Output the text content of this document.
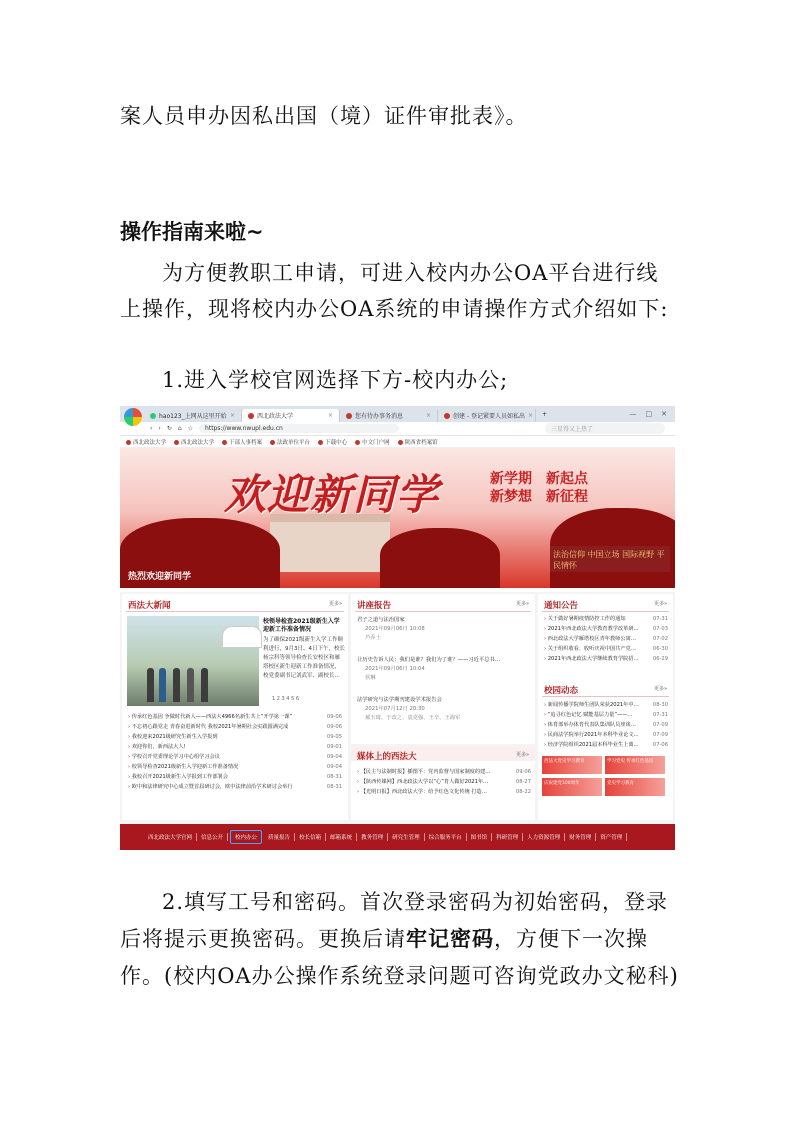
案人员申办因私出国（境）证件审批表》。
操作指南来啦~
为方便教职工申请，可进入校内办公OA平台进行线上操作，现将校内办公OA系统的申请操作方式介绍如下:
1.进入学校官网选择下方-校内办公;
hao123_上网从这里开始 ×	西北政法大学	×	您有待办事务消息	×	创建 - 登记紧要人员如私出 ×	+	— □ ✕
‹ › ↻ ⌂ ☆	https://www.nwupl.edu.cn	三星得又上热了
西北政法大学	西北政法大学	干部人事档案	法政单位平台	下载中心	中文门户网	陕西省档案馆
欢迎新同学	新学期 新起点
新梦想 新征程
法治信仰 中国立场 国际视野 平民情怀
热烈欢迎新同学
西法大新闻	更多»
校领导检查2021级新生入学迎新工作准备情况
为了确保2021级新生入学工作顺利进行，9月3日、4日下午，校长杨宗科等领导检查长安校区和雁塔校区新生迎新工作准备情况，校党委副书记刘武军、副校长…
1 2 3 4 5 6
› 传承红色基因 争做时代新人——西法大4966名新生共上“开学第一课”	09-06
› 不忘初心跟党走 青春奋进新时代 我校2021年暑期社会实践圆满完成	09-06
› 我校迎来2021级研究生新生入学报到	09-05
› 欢迎你们，新西法大人!	09-01
› 学校召开党委理论学习中心组学习会议	09-04
› 校领导检查2021级新生入学迎新工作准备情况	09-04
› 我校召开2021级新生入学报到工作部署会	08-31
› 欧中和法律研究中心成立暨首届研讨会，欧中法律前沿学术研讨会举行	08-31
讲座报告	更多»
君子之道与法治国家
2021年09月06日 10:08
芦乔士
让历史告诉人民：我们是谁？我们为了谁？——习近平总书…
2021年09月06日 10:04
侯琳
法学研究与法学期刊建设学术报告会
2021年07月12日 20:30
郝玉琦、于改之、袁克强、王辛、王海军
媒体上的西法大	更多»
› 【民主与法制时报】插图平：党内监督与国家制度的建…	09-06
› 【陕西传媒网】西北政法大学以“心”育人做好2021年…	08-27
› 【光明日报】西北政法大学：给予红色文化传统 打造…	08-22
通知公告	更多»
› 关于做好暑期疫情防控工作的通知	07-31
› 2021年西北政法大学教育教学改革研…	07-03
› 西北政法大学雁塔校区青年教师公寓…	07-02
› 关于组织收看、收听庆祝中国共产党…	06-30
› 2021年西北政法大学继续教育学院招…	06-29
校园动态	更多»
› 新闻传播学院师生团队荣获2021年中…	08-30
› “追寻红色记忆 赋能基层力量”——…	07-31
› 体育部举办体育代表队集训队员座谈…	07-09
› 民商法学院举行2021年本科毕业论文…	07-09
› 经济学院组织2021届本科毕业生上离…	07-06
西法大党史学习教育	学习党史 传承红色基因
庆祝建党100周年	党史学习教育
西北政法大学官网	信息公开	校内办公	质量报告	校长信箱	邮箱系统	教务管理	研究生管理	综合服务平台	图书馆	科研管理	人力资源管理	财务管理	资产管理
2.填写工号和密码。首次登录密码为初始密码，登录后将提示更换密码。更换后请牢记密码，方便下一次操作。(校内OA办公操作系统登录问题可咨询党政办文秘科)
